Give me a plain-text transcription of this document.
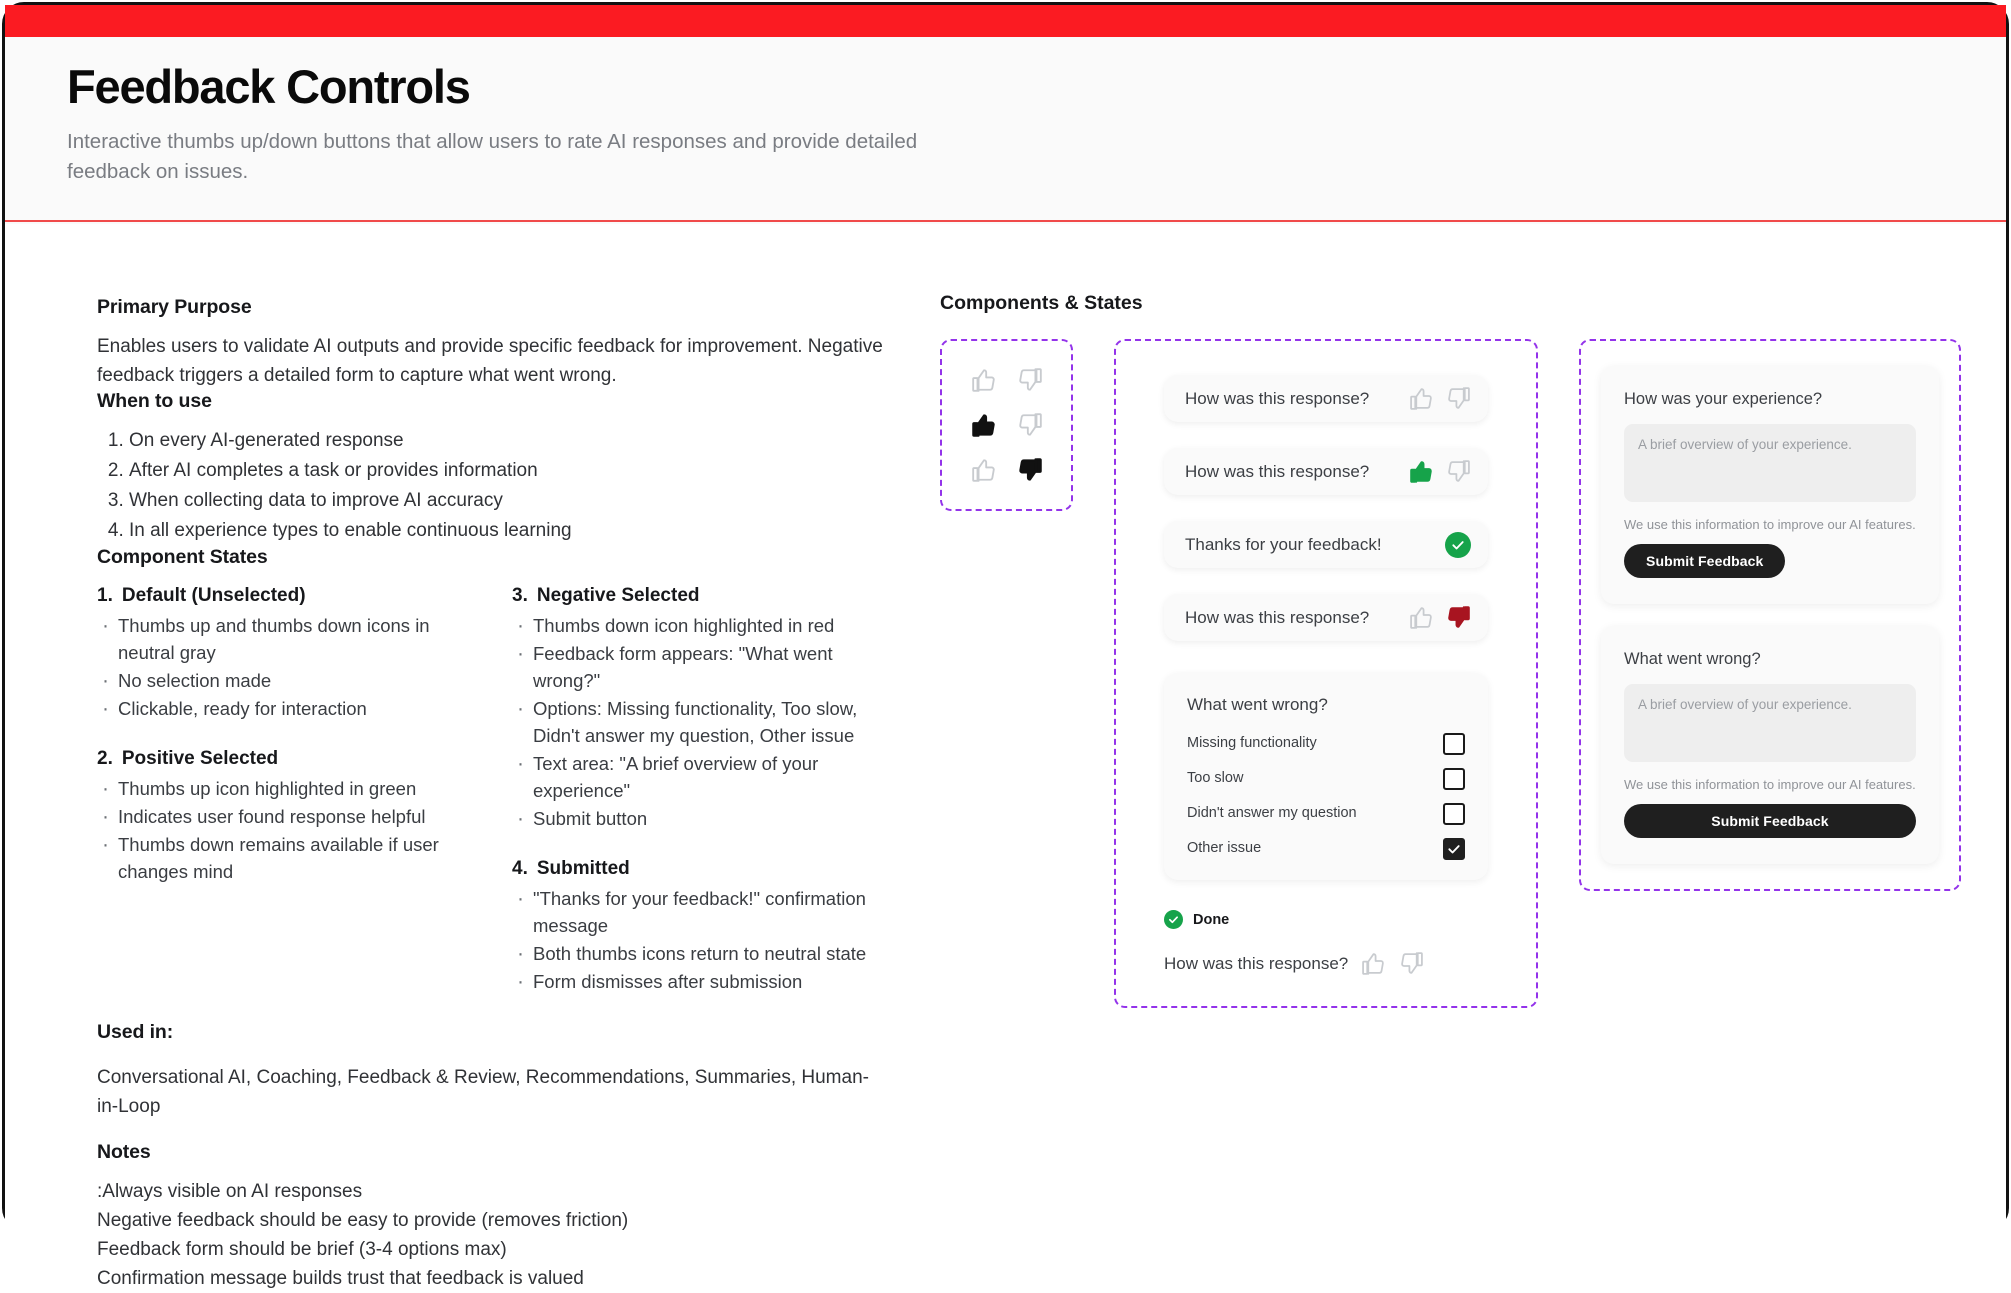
Feedback Controls

Interactive thumbs up/down buttons that allow users to rate AI responses and provide detailed feedback on issues.

Primary Purpose

Enables users to validate AI outputs and provide specific feedback for improvement. Negative feedback triggers a detailed form to capture what went wrong.

When to use
1. On every AI-generated response
2. After AI completes a task or provides information
3. When collecting data to improve AI accuracy
4. In all experience types to enable continuous learning
Component States
1. Default (Unselected)
· Thumbs up and thumbs down icons in neutral gray
· No selection made
· Clickable, ready for interaction
2. Positive Selected
· Thumbs up icon highlighted in green
· Indicates user found response helpful
· Thumbs down remains available if user changes mind
3. Negative Selected
· Thumbs down icon highlighted in red
· Feedback form appears: "What went wrong?"
· Options: Missing functionality, Too slow, Didn't answer my question, Other issue
· Text area: "A brief overview of your experience"
· Submit button
4. Submitted
· "Thanks for your feedback!" confirmation message
· Both thumbs icons return to neutral state
· Form dismisses after submission
Used in:

Conversational AI, Coaching, Feedback & Review, Recommendations, Summaries, Human-in-Loop

Notes
:Always visible on AI responses
Negative feedback should be easy to provide (removes friction)
Feedback form should be brief (3-4 options max)
Confirmation message builds trust that feedback is valued
Components & States
How was this response?
How was this response?
Thanks for your feedback!
How was this response?
What went wrong?
Missing functionality
Too slow
Didn't answer my question
Other issue
Done
How was this response?
How was your experience?
A brief overview of your experience.
We use this information to improve our AI features.
Submit Feedback
What went wrong?
A brief overview of your experience.
We use this information to improve our AI features.
Submit Feedback
